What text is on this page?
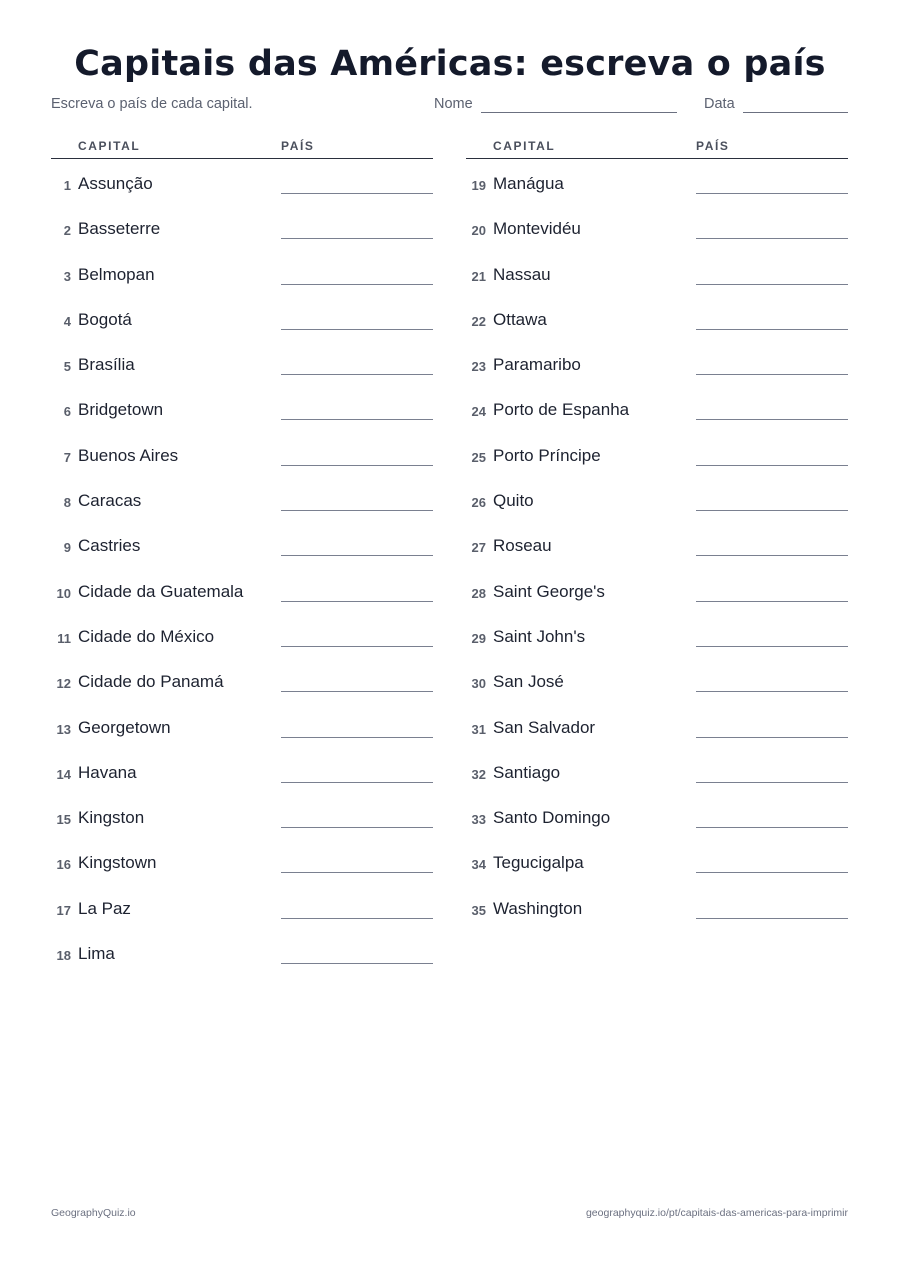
Capitais das Américas: escreva o país
Escreva o país de cada capital.	Nome	Data
CAPITAL	PAÍS
1 Assunção
2 Basseterre
3 Belmopan
4 Bogotá
5 Brasília
6 Bridgetown
7 Buenos Aires
8 Caracas
9 Castries
10 Cidade da Guatemala
11 Cidade do México
12 Cidade do Panamá
13 Georgetown
14 Havana
15 Kingston
16 Kingstown
17 La Paz
18 Lima
CAPITAL	PAÍS
19 Manágua
20 Montevidéu
21 Nassau
22 Ottawa
23 Paramaribo
24 Porto de Espanha
25 Porto Príncipe
26 Quito
27 Roseau
28 Saint George's
29 Saint John's
30 San José
31 San Salvador
32 Santiago
33 Santo Domingo
34 Tegucigalpa
35 Washington
GeographyQuiz.io	geographyquiz.io/pt/capitais-das-americas-para-imprimir
